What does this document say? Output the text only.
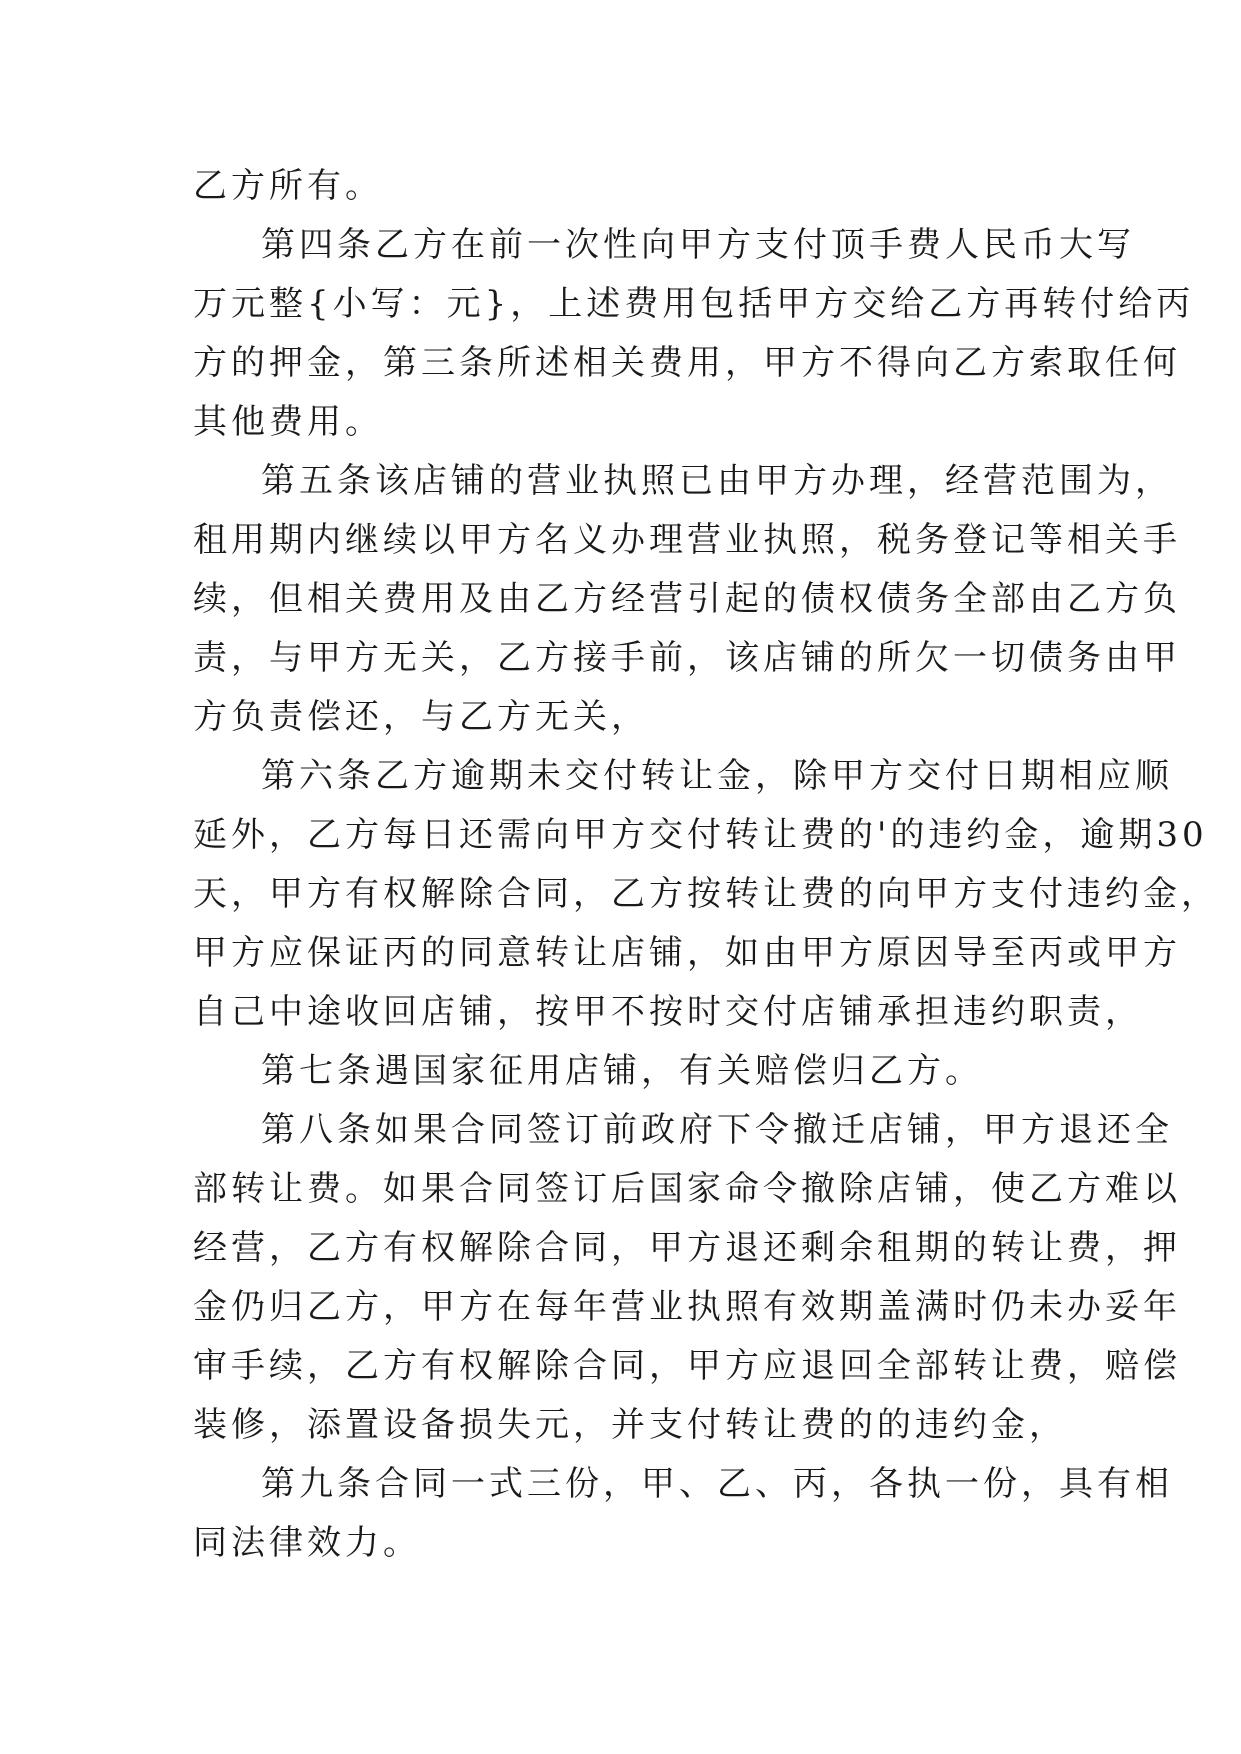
乙方所有。
第四条乙方在前一次性向甲方支付顶手费人民币大写
万元整{小写：元}，上述费用包括甲方交给乙方再转付给丙
方的押金，第三条所述相关费用，甲方不得向乙方索取任何
其他费用。
第五条该店铺的营业执照已由甲方办理，经营范围为，
租用期内继续以甲方名义办理营业执照，税务登记等相关手
续，但相关费用及由乙方经营引起的债权债务全部由乙方负
责，与甲方无关，乙方接手前，该店铺的所欠一切债务由甲
方负责偿还，与乙方无关，
第六条乙方逾期未交付转让金，除甲方交付日期相应顺
延外，乙方每日还需向甲方交付转让费的'的违约金，逾期30
天，甲方有权解除合同，乙方按转让费的向甲方支付违约金，
甲方应保证丙的同意转让店铺，如由甲方原因导至丙或甲方
自己中途收回店铺，按甲不按时交付店铺承担违约职责，
第七条遇国家征用店铺，有关赔偿归乙方。
第八条如果合同签订前政府下令撤迁店铺，甲方退还全
部转让费。如果合同签订后国家命令撤除店铺，使乙方难以
经营，乙方有权解除合同，甲方退还剩余租期的转让费，押
金仍归乙方，甲方在每年营业执照有效期盖满时仍未办妥年
审手续，乙方有权解除合同，甲方应退回全部转让费，赔偿
装修，添置设备损失元，并支付转让费的的违约金，
第九条合同一式三份，甲、乙、丙，各执一份，具有相
同法律效力。
